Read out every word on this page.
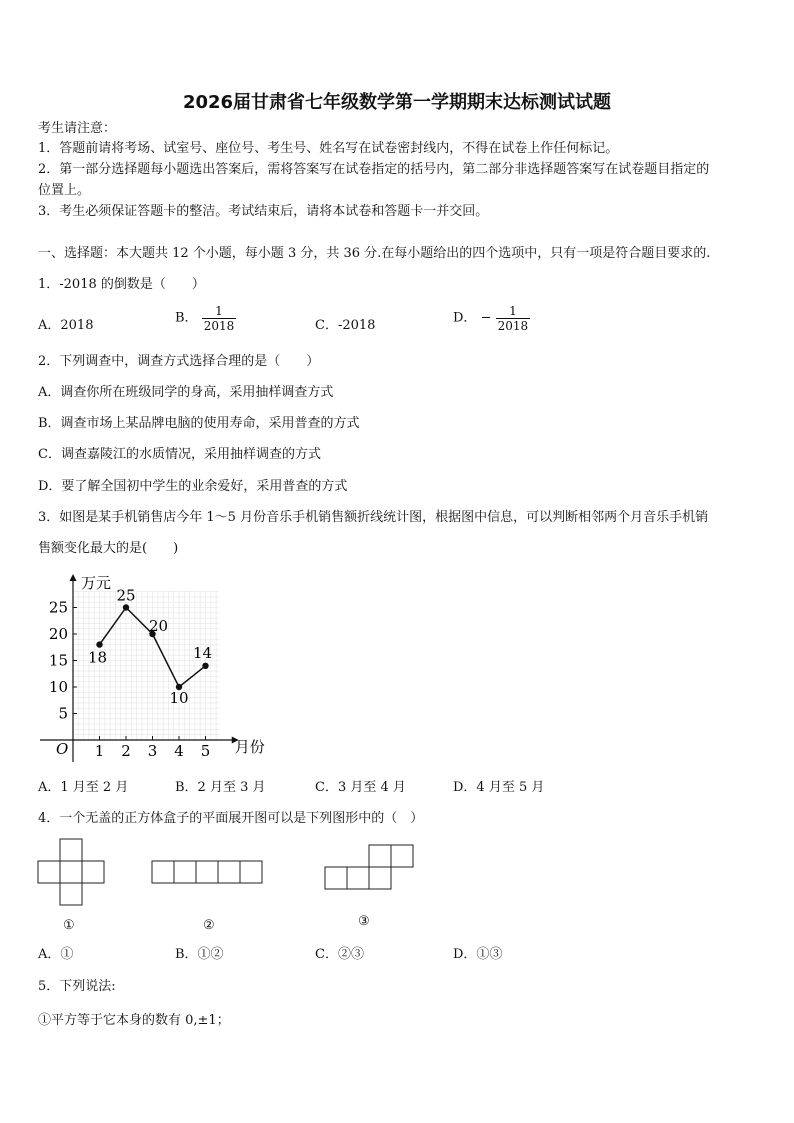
2026届甘肃省七年级数学第一学期期末达标测试试题
考生请注意：
1．答题前请将考场、试室号、座位号、考生号、姓名写在试卷密封线内，不得在试卷上作任何标记。
2．第一部分选择题每小题选出答案后，需将答案写在试卷指定的括号内，第二部分非选择题答案写在试卷题目指定的
位置上。
3．考生必须保证答题卡的整洁。考试结束后，请将本试卷和答题卡一并交回。
一、选择题：本大题共 12 个小题，每小题 3 分，共 36 分.在每小题给出的四个选项中，只有一项是符合题目要求的.
1．-2018 的倒数是（　　）
A．2018	B． $\frac{1}{2018}$	C．-2018	D． − $\frac{1}{2018}$
2．下列调查中，调查方式选择合理的是（　　）
A．调查你所在班级同学的身高，采用抽样调查方式
B．调查市场上某品牌电脑的使用寿命，采用普查的方式
C．调查嘉陵江的水质情况，采用抽样调查的方式
D．要了解全国初中学生的业余爱好，采用普查的方式
3．如图是某手机销售店今年 1～5 月份音乐手机销售额折线统计图，根据图中信息，可以判断相邻两个月音乐手机销
售额变化最大的是(　　)
5
10
15
20
25
1 2 3 4 5
万元
月份
O
18
25
20
10
14
A．1 月至 2 月	B．2 月至 3 月	C．3 月至 4 月	D．4 月至 5 月
4．一个无盖的正方体盒子的平面展开图可以是下列图形中的（　）
①	②	③
A．①	B．①②	C．②③	D．①③
5．下列说法:
①平方等于它本身的数有 0,±1；
